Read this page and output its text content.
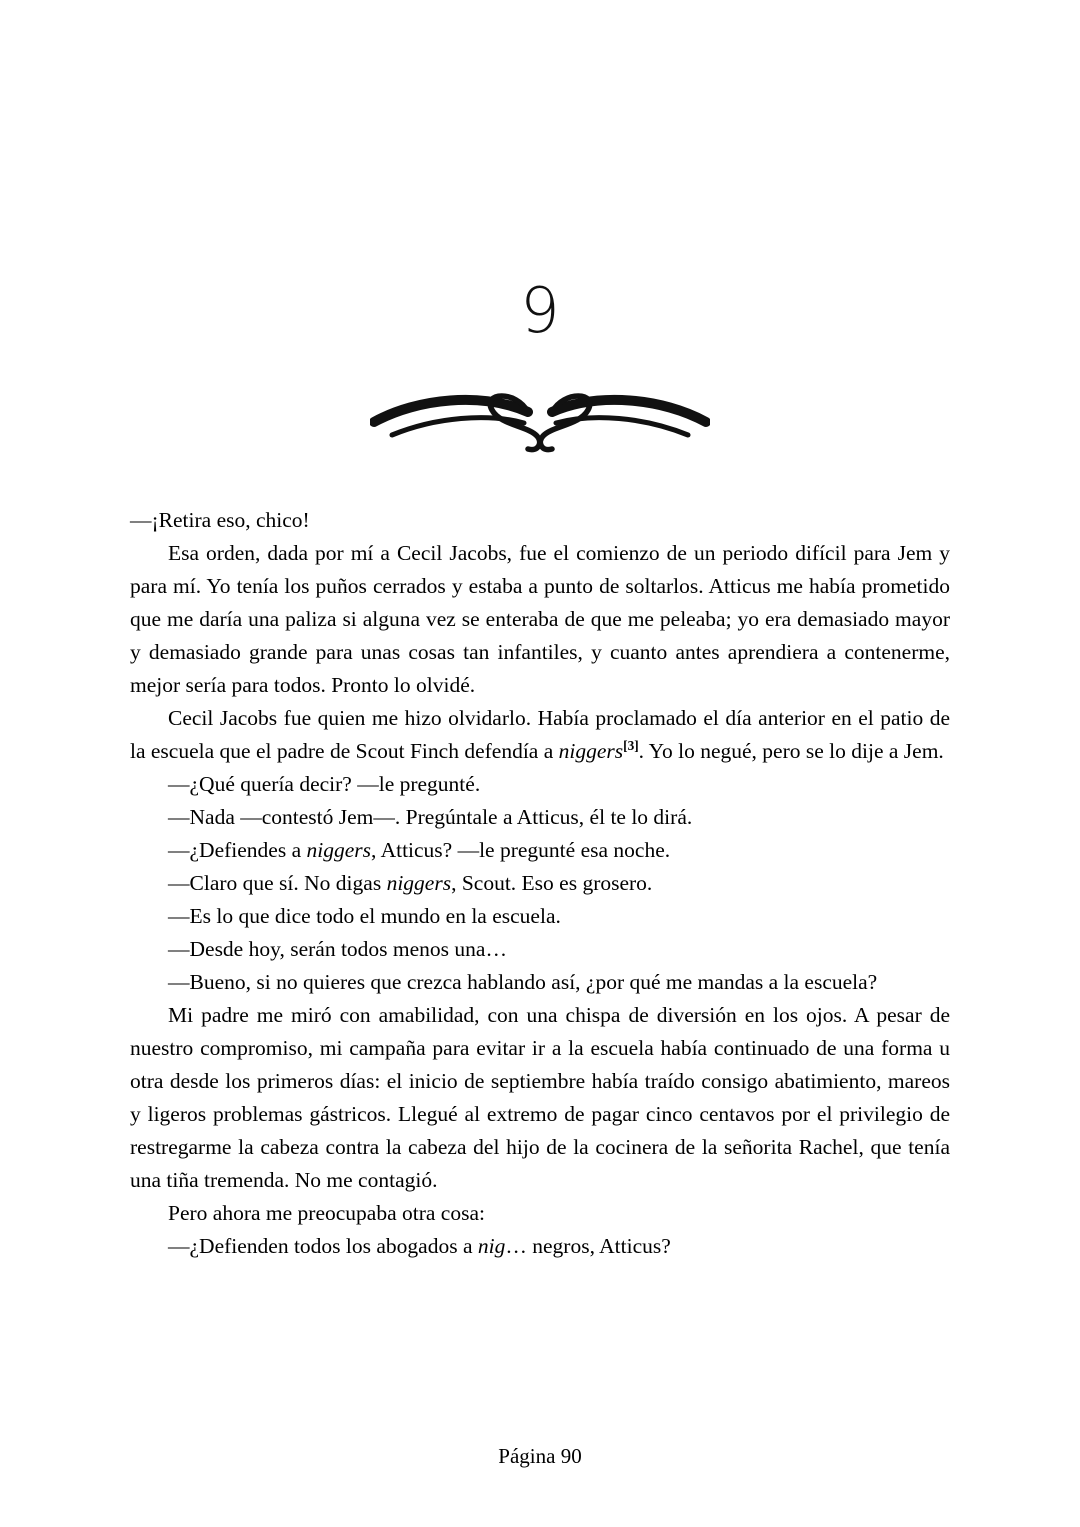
9

—¡Retira eso, chico!

Esa orden, dada por mí a Cecil Jacobs, fue el comienzo de un periodo difícil para Jem y para mí. Yo tenía los puños cerrados y estaba a punto de soltarlos. Atticus me había prometido que me daría una paliza si alguna vez se enteraba de que me peleaba; yo era demasiado mayor y demasiado grande para unas cosas tan infantiles, y cuanto antes aprendiera a contenerme, mejor sería para todos. Pronto lo olvidé.

Cecil Jacobs fue quien me hizo olvidarlo. Había proclamado el día anterior en el patio de la escuela que el padre de Scout Finch defendía a niggers[3]. Yo lo negué, pero se lo dije a Jem.

—¿Qué quería decir? —le pregunté.

—Nada —contestó Jem—. Pregúntale a Atticus, él te lo dirá.

—¿Defiendes a niggers, Atticus? —le pregunté esa noche.

—Claro que sí. No digas niggers, Scout. Eso es grosero.

—Es lo que dice todo el mundo en la escuela.

—Desde hoy, serán todos menos una…

—Bueno, si no quieres que crezca hablando así, ¿por qué me mandas a la escuela?

Mi padre me miró con amabilidad, con una chispa de diversión en los ojos. A pesar de nuestro compromiso, mi campaña para evitar ir a la escuela había continuado de una forma u otra desde los primeros días: el inicio de septiembre había traído consigo abatimiento, mareos y ligeros problemas gástricos. Llegué al extremo de pagar cinco centavos por el privilegio de restregarme la cabeza contra la cabeza del hijo de la cocinera de la señorita Rachel, que tenía una tiña tremenda. No me contagió.

Pero ahora me preocupaba otra cosa:

—¿Defienden todos los abogados a nig… negros, Atticus?

Página 90
